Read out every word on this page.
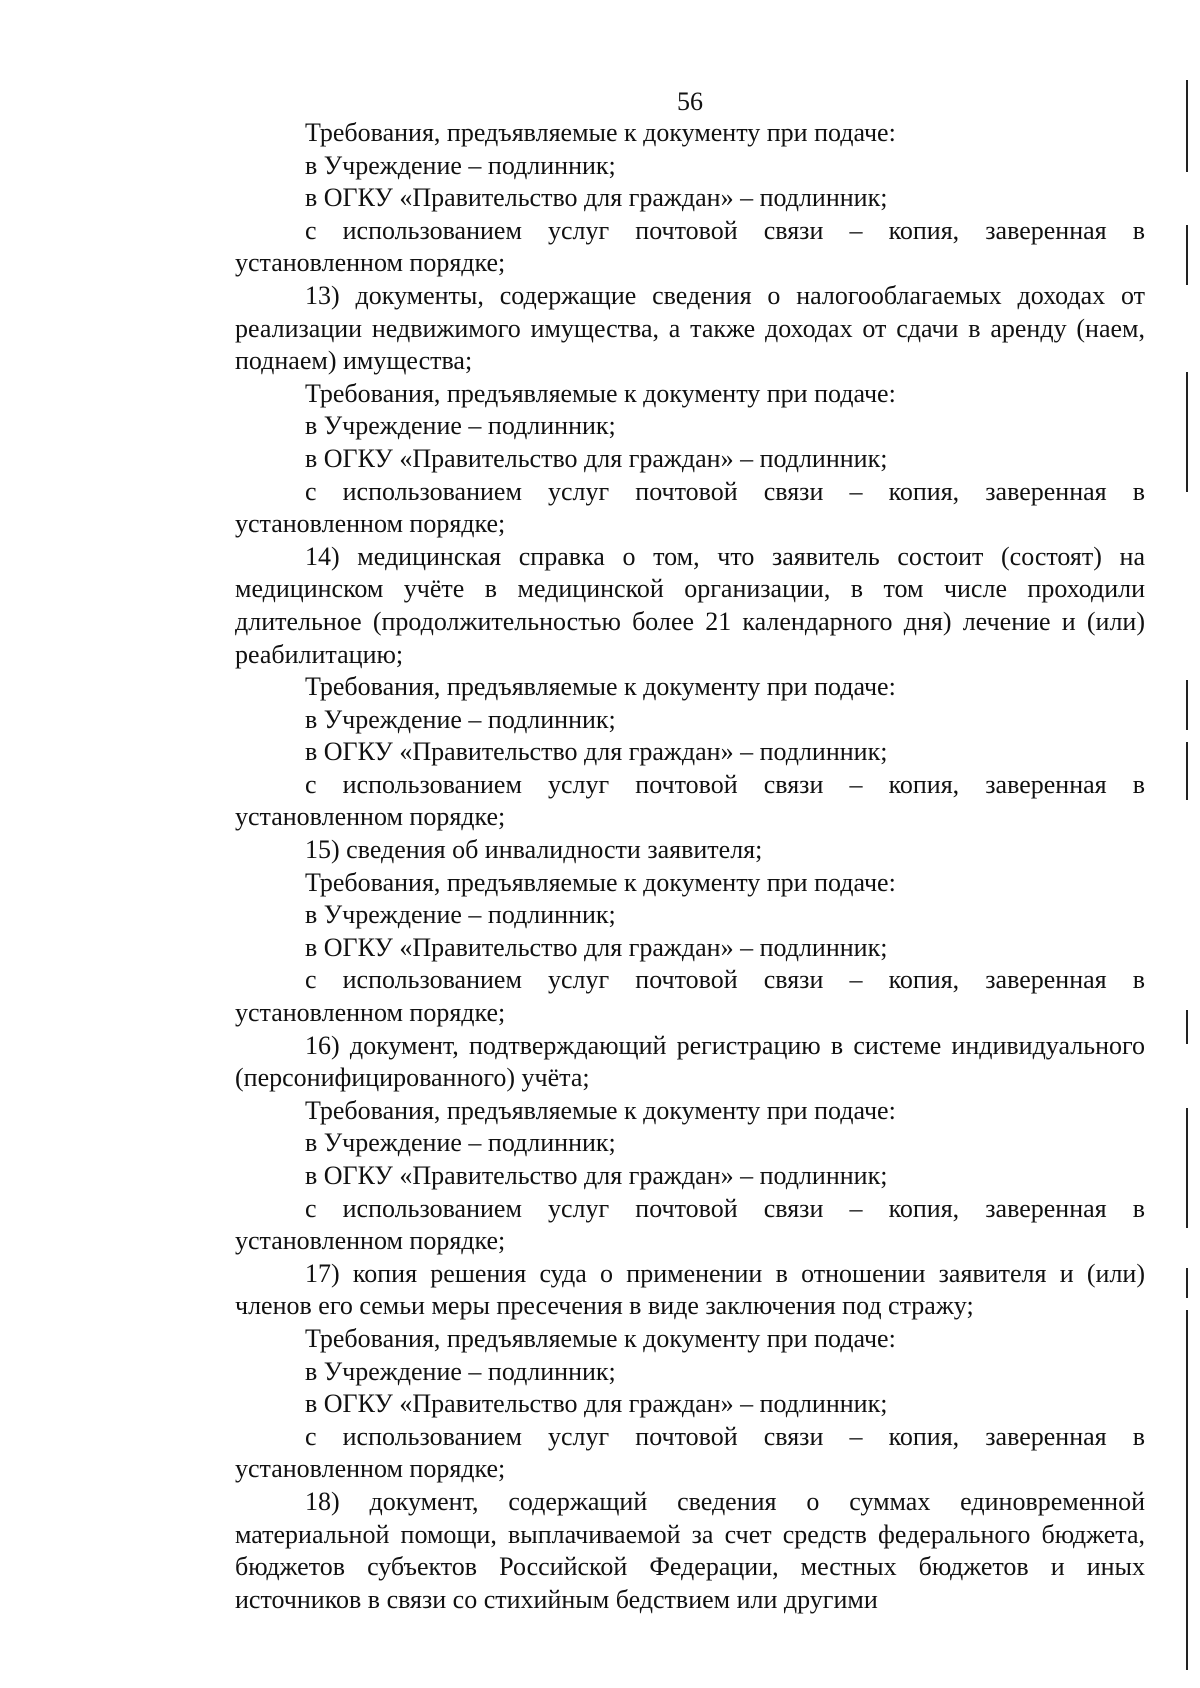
56

Требования, предъявляемые к документу при подаче:

в Учреждение – подлинник;

в ОГКУ «Правительство для граждан» – подлинник;

с использованием услуг почтовой связи – копия, заверенная в установленном порядке;

13) документы, содержащие сведения о налогооблагаемых доходах от реализации недвижимого имущества, а также доходах от сдачи в аренду (наем, поднаем) имущества;

Требования, предъявляемые к документу при подаче:

в Учреждение – подлинник;

в ОГКУ «Правительство для граждан» – подлинник;

с использованием услуг почтовой связи – копия, заверенная в установленном порядке;

14) медицинская справка о том, что заявитель состоит (состоят) на медицинском учёте в медицинской организации, в том числе проходили длительное (продолжительностью более 21 календарного дня) лечение и (или) реабилитацию;

Требования, предъявляемые к документу при подаче:

в Учреждение – подлинник;

в ОГКУ «Правительство для граждан» – подлинник;

с использованием услуг почтовой связи – копия, заверенная в установленном порядке;

15) сведения об инвалидности заявителя;

Требования, предъявляемые к документу при подаче:

в Учреждение – подлинник;

в ОГКУ «Правительство для граждан» – подлинник;

с использованием услуг почтовой связи – копия, заверенная в установленном порядке;

16) документ, подтверждающий регистрацию в системе индивидуального (персонифицированного) учёта;

Требования, предъявляемые к документу при подаче:

в Учреждение – подлинник;

в ОГКУ «Правительство для граждан» – подлинник;

с использованием услуг почтовой связи – копия, заверенная в установленном порядке;

17) копия решения суда о применении в отношении заявителя и (или) членов его семьи меры пресечения в виде заключения под стражу;

Требования, предъявляемые к документу при подаче:

в Учреждение – подлинник;

в ОГКУ «Правительство для граждан» – подлинник;

с использованием услуг почтовой связи – копия, заверенная в установленном порядке;

18) документ, содержащий сведения о суммах единовременной материальной помощи, выплачиваемой за счет средств федерального бюджета, бюджетов субъектов Российской Федерации, местных бюджетов и иных источников в связи со стихийным бедствием или другими
